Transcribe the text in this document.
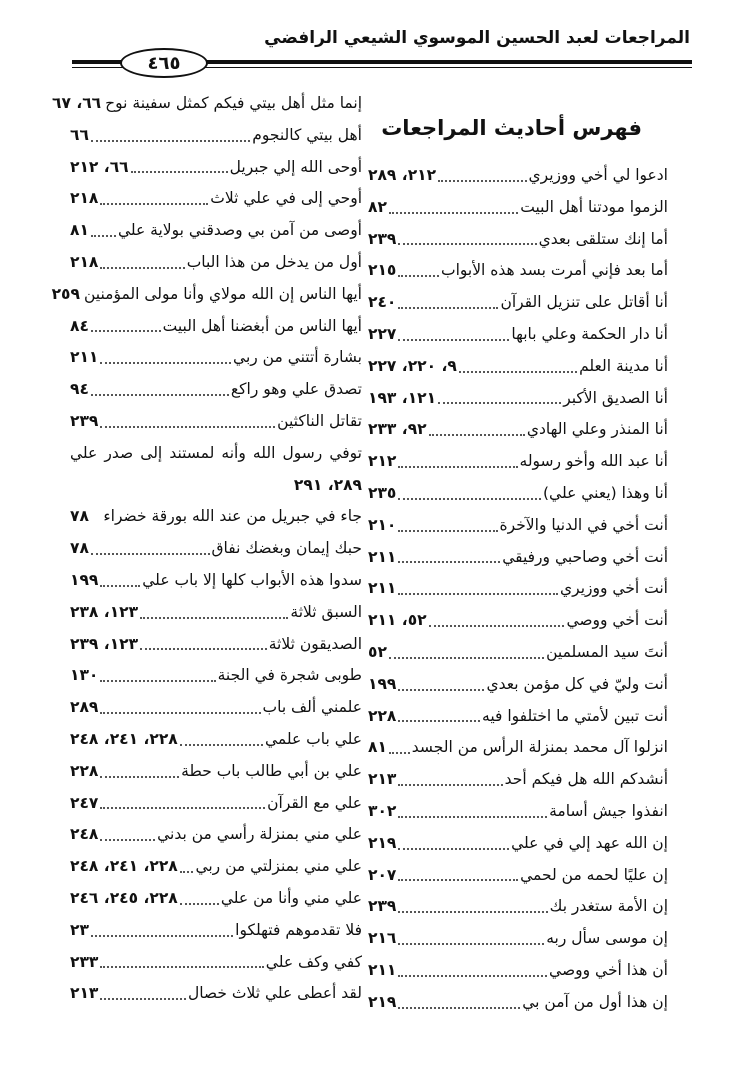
المراجعات لعبد الحسين الموسوي الشيعي الرافضي
٤٦٥
فهرس أحاديث المراجعات
ادعوا لي أخي ووزيري
٢١٢، ٢٨٩
الزموا مودتنا أهل البيت
٨٢
أما إنك ستلقى بعدي
٢٣٩
أما بعد فإني أمرت بسد هذه الأبواب
٢١٥
أنا أقاتل على تنزيل القرآن
٢٤٠
أنا دار الحكمة وعلي بابها
٢٢٧
أنا مدينة العلم
٩، ٢٢٠، ٢٢٧
أنا الصديق الأكبر
١٢١، ١٩٣
أنا المنذر وعلي الهادي
٩٢، ٢٣٣
أنا عبد الله وأخو رسوله
٢١٢
أنا وهذا (يعني علي)
٢٣٥
أنت أخي في الدنيا والآخرة
٢١٠
أنت أخي وصاحبي ورفيقي
٢١١
أنت أخي ووزيري
٢١١
أنت أخي ووصي
٥٢، ٢١١
أنتَ سيد المسلمين
٥٢
أنت وليّ في كل مؤمن بعدي
١٩٩
أنت تبين لأمتي ما اختلفوا فيه
٢٢٨
انزلوا آل محمد بمنزلة الرأس من الجسد
٨١
أنشدكم الله هل فيكم أحد
٢١٣
انفذوا جيش أسامة
٣٠٢
إن الله عهد إلي في علي
٢١٩
إن عليًا لحمه من لحمي
٢٠٧
إن الأمة ستغدر بك
٢٣٩
إن موسى سأل ربه
٢١٦
أن هذا أخي ووصي
٢١١
إن هذا أول من آمن بي
٢١٩
إنما مثل أهل بيتي فيكم كمثل سفينة نوح
٦٦، ٦٧
أهل بيتي كالنجوم
٦٦
أوحى الله إلي جبريل
٦٦، ٢١٢
أوحي إلى في علي ثلاث
٢١٨
أوصى من آمن بي وصدقني بولاية علي
٨١
أول من يدخل من هذا الباب
٢١٨
أيها الناس إن الله مولاي وأنا مولى المؤمنين
٢٥٩
أيها الناس من أبغضنا أهل البيت
٨٤
بشارة أتتني من ربي
٢١١
تصدق علي وهو راكع
٩٤
تقاتل الناكثين
٢٣٩
توفي رسول الله وأنه لمستند إلى صدر علي ٢٨٩، ٢٩١
جاء في جبريل من عند الله بورقة خضراء
٧٨
حبك إيمان وبغضك نفاق
٧٨
سدوا هذه الأبواب كلها إلا باب علي
١٩٩
السبق ثلاثة
١٢٣، ٢٣٨
الصديقون ثلاثة
١٢٣، ٢٣٩
طوبى شجرة في الجنة
١٣٠
علمني ألف باب
٢٨٩
علي باب علمي
٢٢٨، ٢٤١، ٢٤٨
علي بن أبي طالب باب حطة
٢٢٨
علي مع القرآن
٢٤٧
علي مني بمنزلة رأسي من بدني
٢٤٨
علي مني بمنزلتي من ربي
٢٢٨، ٢٤١، ٢٤٨
علي مني وأنا من علي
٢٢٨، ٢٤٥، ٢٤٦
فلا تقدموهم فتهلكوا
٢٣
كفي وكف علي
٢٣٣
لقد أعطى علي ثلاث خصال
٢١٣
